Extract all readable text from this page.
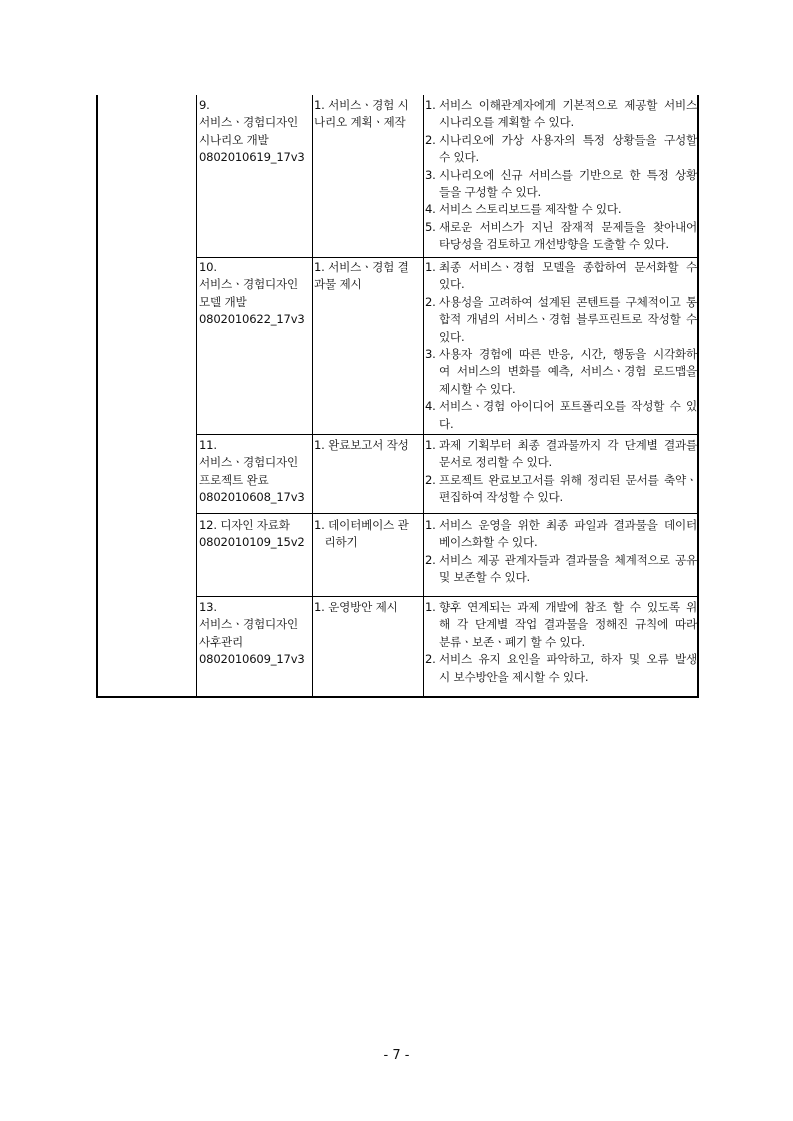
9.
서비스ㆍ경험디자인
시나리오 개발
0802010619_17v3
1. 서비스ㆍ경험 시
나리오 계획ㆍ제작
1. 서비스 이해관계자에게 기본적으로 제공할 서비스
시나리오를 계획할 수 있다.
2. 시나리오에 가상 사용자의 특정 상황들을 구성할
수 있다.
3. 시나리오에 신규 서비스를 기반으로 한 특정 상황
들을 구성할 수 있다.
4. 서비스 스토리보드를 제작할 수 있다.
5. 새로운 서비스가 지닌 잠재적 문제들을 찾아내어
타당성을 검토하고 개선방향을 도출할 수 있다.
10.
서비스ㆍ경험디자인
모델 개발
0802010622_17v3
1. 서비스ㆍ경험 결
과물 제시
1. 최종 서비스ㆍ경험 모델을 종합하여 문서화할 수
있다.
2. 사용성을 고려하여 설계된 콘텐트를 구체적이고 통
합적 개념의 서비스ㆍ경험 블루프린트로 작성할 수
있다.
3. 사용자 경험에 따른 반응, 시간, 행동을 시각화하
여 서비스의 변화를 예측, 서비스ㆍ경험 로드맵을
제시할 수 있다.
4. 서비스ㆍ경험 아이디어 포트폴리오를 작성할 수 있
다.
11.
서비스ㆍ경험디자인
프로젝트 완료
0802010608_17v3
1. 완료보고서 작성	1. 과제 기획부터 최종 결과물까지 각 단계별 결과를
문서로 정리할 수 있다.
2. 프로젝트 완료보고서를 위해 정리된 문서를 축약ㆍ
편집하여 작성할 수 있다.
12. 디자인 자료화
0802010109_15v2
1. 데이터베이스 관
리하기
1. 서비스 운영을 위한 최종 파일과 결과물을 데이터
베이스화할 수 있다.
2. 서비스 제공 관계자들과 결과물을 체계적으로 공유
및 보존할 수 있다.
13.
서비스ㆍ경험디자인
사후관리
0802010609_17v3
1. 운영방안 제시	1. 향후 연계되는 과제 개발에 참조 할 수 있도록 위
해 각 단계별 작업 결과물을 정해진 규칙에 따라
분류ㆍ보존ㆍ폐기 할 수 있다.
2. 서비스 유지 요인을 파악하고, 하자 및 오류 발생
시 보수방안을 제시할 수 있다.
- 7 -
